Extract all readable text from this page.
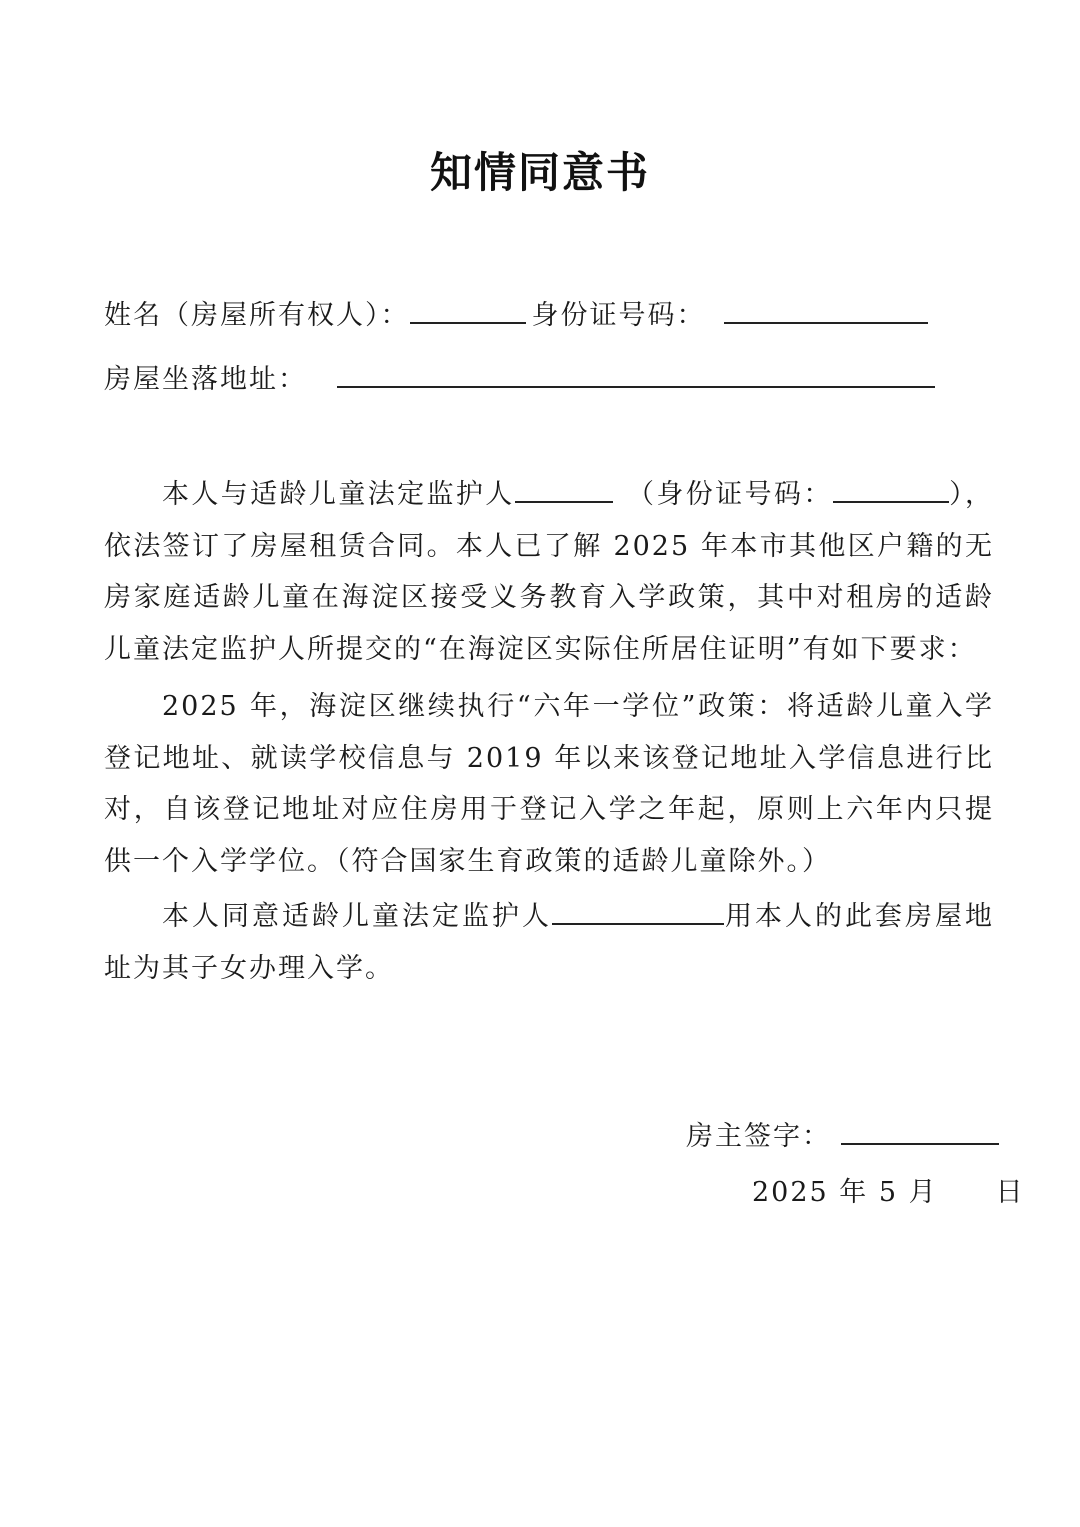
知情同意书
姓名（房屋所有权人）：	身份证号码：
房屋坐落地址：
本人与适龄儿童法定监护人	（身份证号码：	），依法签订了房屋租赁合同。本人已了解 2025 年本市其他区户籍的无房家庭适龄儿童在海淀区接受义务教育入学政策，其中对租房的适龄儿童法定监护人所提交的“在海淀区实际住所居住证明”有如下要求：
2025 年，海淀区继续执行“六年一学位”政策：将适龄儿童入学登记地址、就读学校信息与 2019 年以来该登记地址入学信息进行比对，自该登记地址对应住房用于登记入学之年起，原则上六年内只提供一个入学学位。（符合国家生育政策的适龄儿童除外。）
本人同意适龄儿童法定监护人	用本人的此套房屋地址为其子女办理入学。
房主签字：
2025 年 5 月 日
